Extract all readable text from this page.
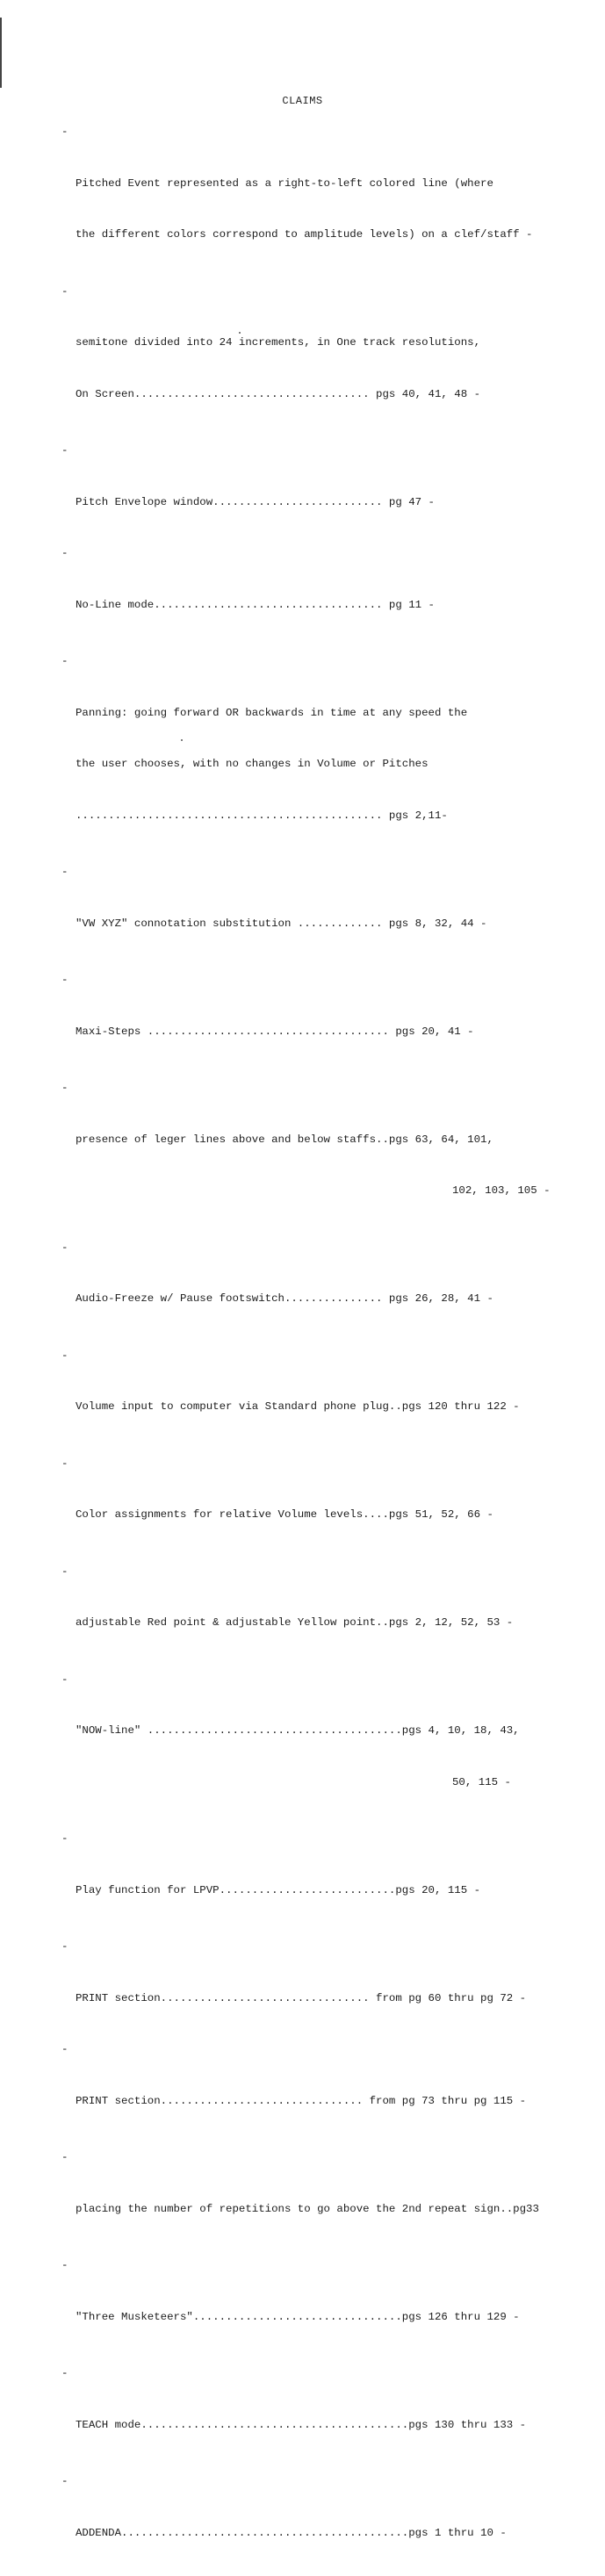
CLAIMS

-

Pitched Event represented as a right-to-left colored line (where

the different colors correspond to amplitude levels) on a clef/staff -

-

semitone divided into 24 increments, in One track resolutions,

On Screen.................................... pgs 40, 41, 48 -

-

Pitch Envelope window.......................... pg 47 -

-

No-Line mode................................... pg 11 -

-

Panning: going forward OR backwards in time at any speed the

the user chooses, with no changes in Volume or Pitches

............................................... pgs 2,11-

-

"VW XYZ" connotation substitution ............. pgs 8, 32, 44 -

-

Maxi-Steps ..................................... pgs 20, 41 -

-

presence of leger lines above and below staffs..pgs 63, 64, 101,

102, 103, 105 -

-

Audio-Freeze w/ Pause footswitch............... pgs 26, 28, 41 -

-

Volume input to computer via Standard phone plug..pgs 120 thru 122 -

-

Color assignments for relative Volume levels....pgs 51, 52, 66 -

-

adjustable Red point & adjustable Yellow point..pgs 2, 12, 52, 53 -

-

"NOW-line" .......................................pgs 4, 10, 18, 43,

50, 115 -

-

Play function for LPVP...........................pgs 20, 115 -

-

PRINT section................................ from pg 60 thru pg 72 -

-

PRINT section............................... from pg 73 thru pg 115 -

-

placing the number of repetitions to go above the 2nd repeat sign..pg33

-

"Three Musketeers"................................pgs 126 thru 129 -

-

TEACH mode.........................................pgs 130 thru 133 -

-

ADDENDA............................................pgs 1 thru 10 -
